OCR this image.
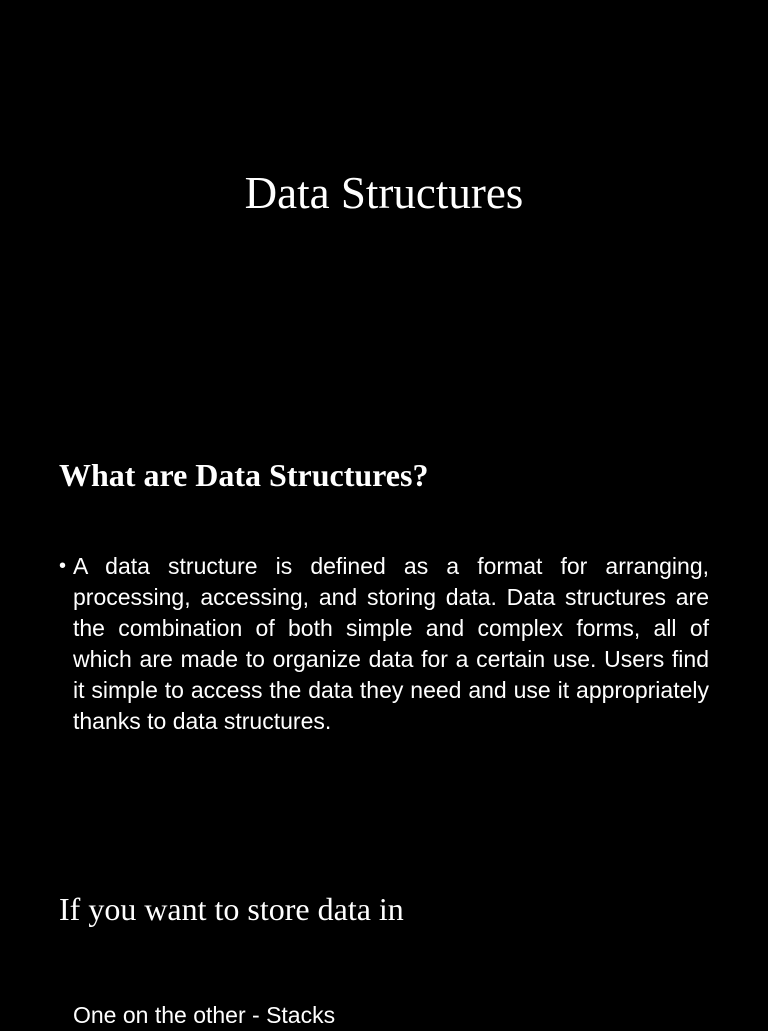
Data Structures
What are Data Structures?
• A data structure is defined as a format for arranging, processing, accessing, and storing data. Data structures are the combination of both simple and complex forms, all of which are made to organize data for a certain use. Users find it simple to access the data they need and use it appropriately thanks to data structures.
If you want to store data in
One on the other - Stacks
